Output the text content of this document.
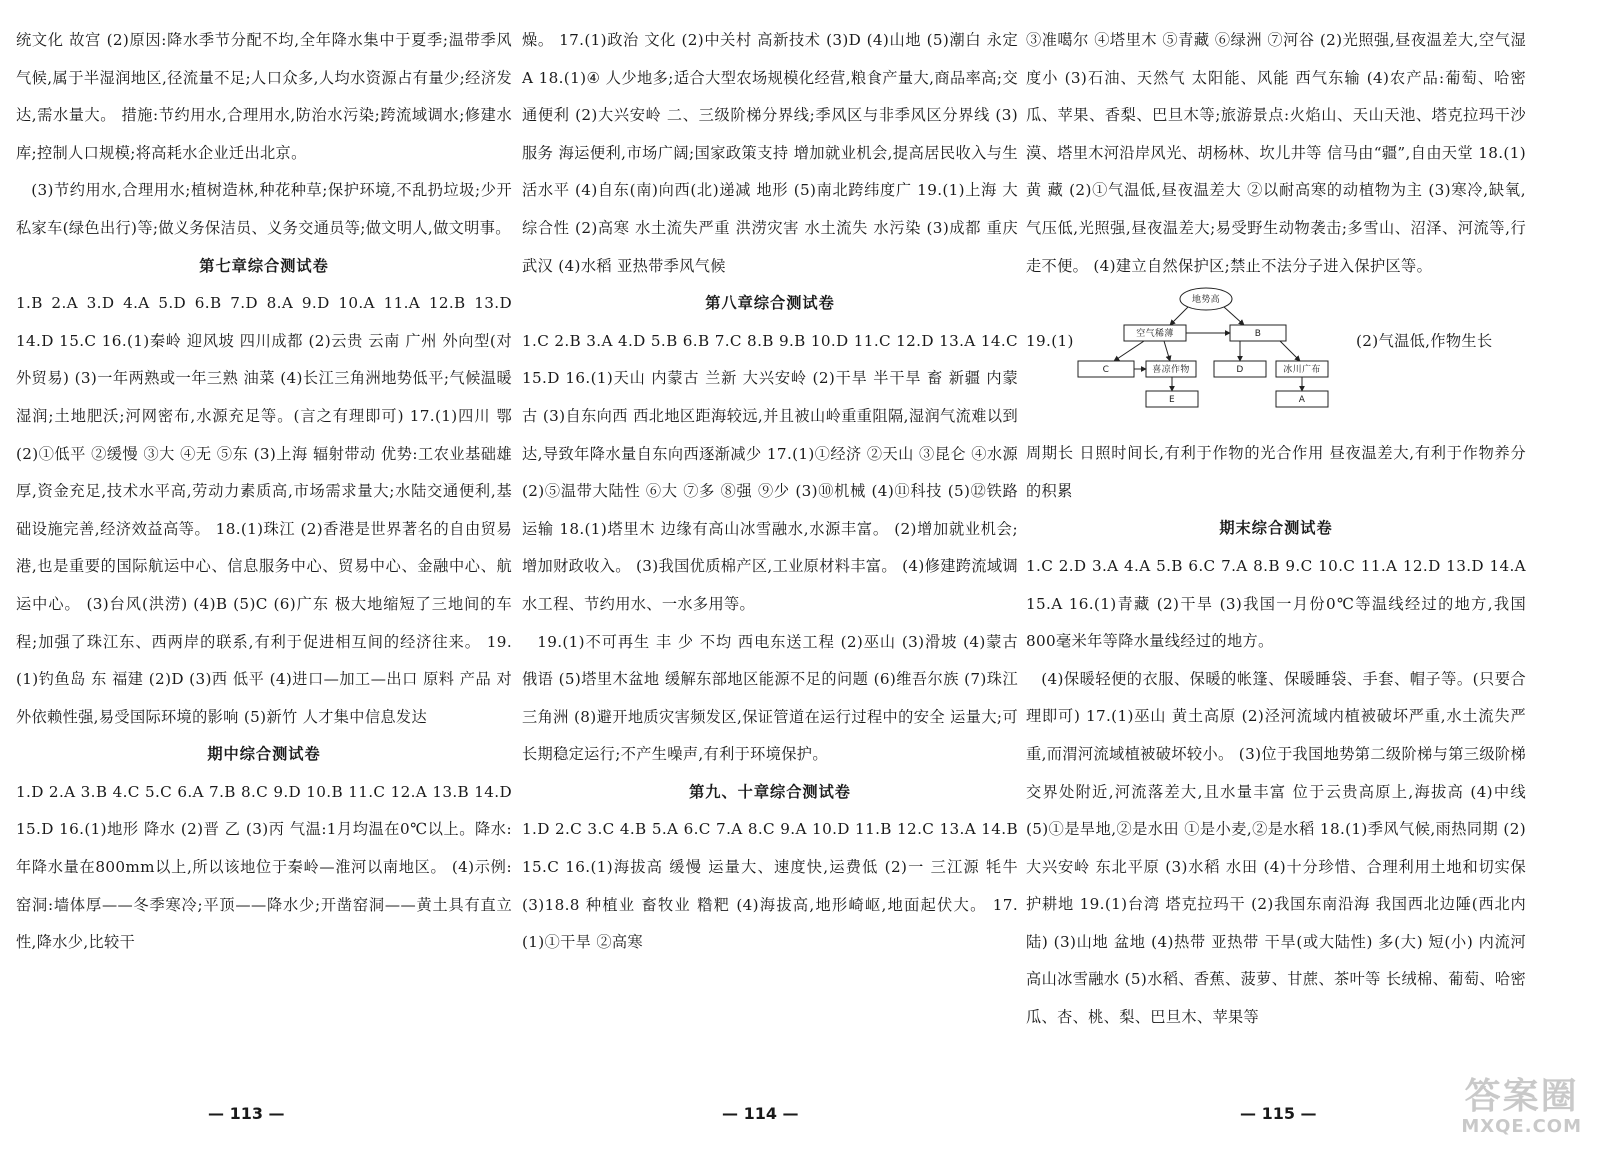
统文化 故宫 (2)原因:降水季节分配不均,全年降水集中于夏季;温带季风气候,属于半湿润地区,径流量不足;人口众多,人均水资源占有量少;经济发达,需水量大。 措施:节约用水,合理用水,防治水污染;跨流域调水;修建水库;控制人口规模;将高耗水企业迁出北京。

(3)节约用水,合理用水;植树造林,种花种草;保护环境,不乱扔垃圾;少开私家车(绿色出行)等;做义务保洁员、义务交通员等;做文明人,做文明事。

第七章综合测试卷

1.B 2.A 3.D 4.A 5.D 6.B 7.D 8.A 9.D 10.A 11.A 12.B 13.D 14.D 15.C 16.(1)秦岭 迎风坡 四川成都 (2)云贵 云南 广州 外向型(对外贸易) (3)一年两熟或一年三熟 油菜 (4)长江三角洲地势低平;气候温暖湿润;土地肥沃;河网密布,水源充足等。(言之有理即可) 17.(1)四川 鄂 (2)①低平 ②缓慢 ③大 ④无 ⑤东 (3)上海 辐射带动 优势:工农业基础雄厚,资金充足,技术水平高,劳动力素质高,市场需求量大;水陆交通便利,基础设施完善,经济效益高等。 18.(1)珠江 (2)香港是世界著名的自由贸易港,也是重要的国际航运中心、信息服务中心、贸易中心、金融中心、航运中心。 (3)台风(洪涝) (4)B (5)C (6)广东 极大地缩短了三地间的车程;加强了珠江东、西两岸的联系,有利于促进相互间的经济往来。 19.(1)钓鱼岛 东 福建 (2)D (3)西 低平 (4)进口—加工—出口 原料 产品 对外依赖性强,易受国际环境的影响 (5)新竹 人才集中信息发达

期中综合测试卷

1.D 2.A 3.B 4.C 5.C 6.A 7.B 8.C 9.D 10.B 11.C 12.A 13.B 14.D 15.D 16.(1)地形 降水 (2)晋 乙 (3)丙 气温:1月均温在0℃以上。降水:年降水量在800mm以上,所以该地位于秦岭—淮河以南地区。 (4)示例:窑洞:墙体厚——冬季寒冷;平顶——降水少;开凿窑洞——黄土具有直立性,降水少,比较干

燥。 17.(1)政治 文化 (2)中关村 高新技术 (3)D (4)山地 (5)潮白 永定 A 18.(1)④ 人少地多;适合大型农场规模化经营,粮食产量大,商品率高;交通便利 (2)大兴安岭 二、三级阶梯分界线;季风区与非季风区分界线 (3)服务 海运便利,市场广阔;国家政策支持 增加就业机会,提高居民收入与生活水平 (4)自东(南)向西(北)递减 地形 (5)南北跨纬度广 19.(1)上海 大 综合性 (2)高寒 水土流失严重 洪涝灾害 水土流失 水污染 (3)成都 重庆 武汉 (4)水稻 亚热带季风气候

第八章综合测试卷

1.C 2.B 3.A 4.D 5.B 6.B 7.C 8.B 9.B 10.D 11.C 12.D 13.A 14.C 15.D 16.(1)天山 内蒙古 兰新 大兴安岭 (2)干旱 半干旱 畜 新疆 内蒙古 (3)自东向西 西北地区距海较远,并且被山岭重重阻隔,湿润气流难以到达,导致年降水量自东向西逐渐减少 17.(1)①经济 ②天山 ③昆仑 ④水源 (2)⑤温带大陆性 ⑥大 ⑦多 ⑧强 ⑨少 (3)⑩机械 (4)⑪科技 (5)⑫铁路运输 18.(1)塔里木 边缘有高山冰雪融水,水源丰富。 (2)增加就业机会;增加财政收入。 (3)我国优质棉产区,工业原材料丰富。 (4)修建跨流域调水工程、节约用水、一水多用等。

19.(1)不可再生 丰 少 不均 西电东送工程 (2)巫山 (3)滑坡 (4)蒙古 俄语 (5)塔里木盆地 缓解东部地区能源不足的问题 (6)维吾尔族 (7)珠江三角洲 (8)避开地质灾害频发区,保证管道在运行过程中的安全 运量大;可长期稳定运行;不产生噪声,有利于环境保护。

第九、十章综合测试卷

1.D 2.C 3.C 4.B 5.A 6.C 7.A 8.C 9.A 10.D 11.B 12.C 13.A 14.B 15.C 16.(1)海拔高 缓慢 运量大、速度快,运费低 (2)一 三江源 牦牛 (3)18.8 种植业 畜牧业 糌粑 (4)海拔高,地形崎岖,地面起伏大。 17.(1)①干旱 ②高寒

③准噶尔 ④塔里木 ⑤青藏 ⑥绿洲 ⑦河谷 (2)光照强,昼夜温差大,空气湿度小 (3)石油、天然气 太阳能、风能 西气东输 (4)农产品:葡萄、哈密瓜、苹果、香梨、巴旦木等;旅游景点:火焰山、天山天池、塔克拉玛干沙漠、塔里木河沿岸风光、胡杨林、坎儿井等 信马由“疆”,自由天堂 18.(1)黄 藏 (2)①气温低,昼夜温差大 ②以耐高寒的动植物为主 (3)寒冷,缺氧,气压低,光照强,昼夜温差大;易受野生动物袭击;多雪山、沼泽、河流等,行走不便。 (4)建立自然保护区;禁止不法分子进入保护区等。

19.(1)
地势高
空气稀薄	B
C	喜凉作物	D	冰川广布
E	A
(2)气温低,作物生长

周期长 日照时间长,有利于作物的光合作用 昼夜温差大,有利于作物养分的积累

期末综合测试卷

1.C 2.D 3.A 4.A 5.B 6.C 7.A 8.B 9.C 10.C 11.A 12.D 13.D 14.A 15.A 16.(1)青藏 (2)干旱 (3)我国一月份0℃等温线经过的地方,我国800毫米年等降水量线经过的地方。

(4)保暖轻便的衣服、保暖的帐篷、保暖睡袋、手套、帽子等。(只要合理即可) 17.(1)巫山 黄土高原 (2)泾河流域内植被破坏严重,水土流失严重,而渭河流域植被破坏较小。 (3)位于我国地势第二级阶梯与第三级阶梯交界处附近,河流落差大,且水量丰富 位于云贵高原上,海拔高 (4)中线 (5)①是旱地,②是水田 ①是小麦,②是水稻 18.(1)季风气候,雨热同期 (2)大兴安岭 东北平原 (3)水稻 水田 (4)十分珍惜、合理利用土地和切实保护耕地 19.(1)台湾 塔克拉玛干 (2)我国东南沿海 我国西北边陲(西北内陆) (3)山地 盆地 (4)热带 亚热带 干旱(或大陆性) 多(大) 短(小) 内流河 高山冰雪融水 (5)水稻、香蕉、菠萝、甘蔗、茶叶等 长绒棉、葡萄、哈密瓜、杏、桃、梨、巴旦木、苹果等

— 113 —	— 114 —	— 115 —	答案圈
MXQE.COM
